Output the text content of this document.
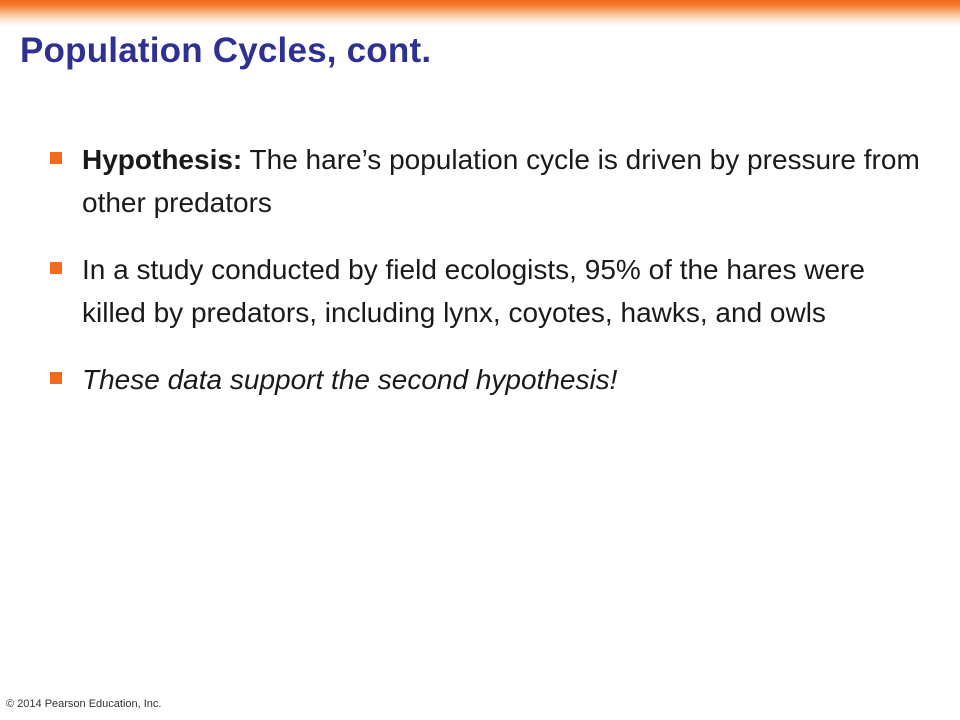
Population Cycles, cont.
Hypothesis: The hare’s population cycle is driven by pressure from other predators
In a study conducted by field ecologists, 95% of the hares were killed by predators, including lynx, coyotes, hawks, and owls
These data support the second hypothesis!
© 2014 Pearson Education, Inc.
